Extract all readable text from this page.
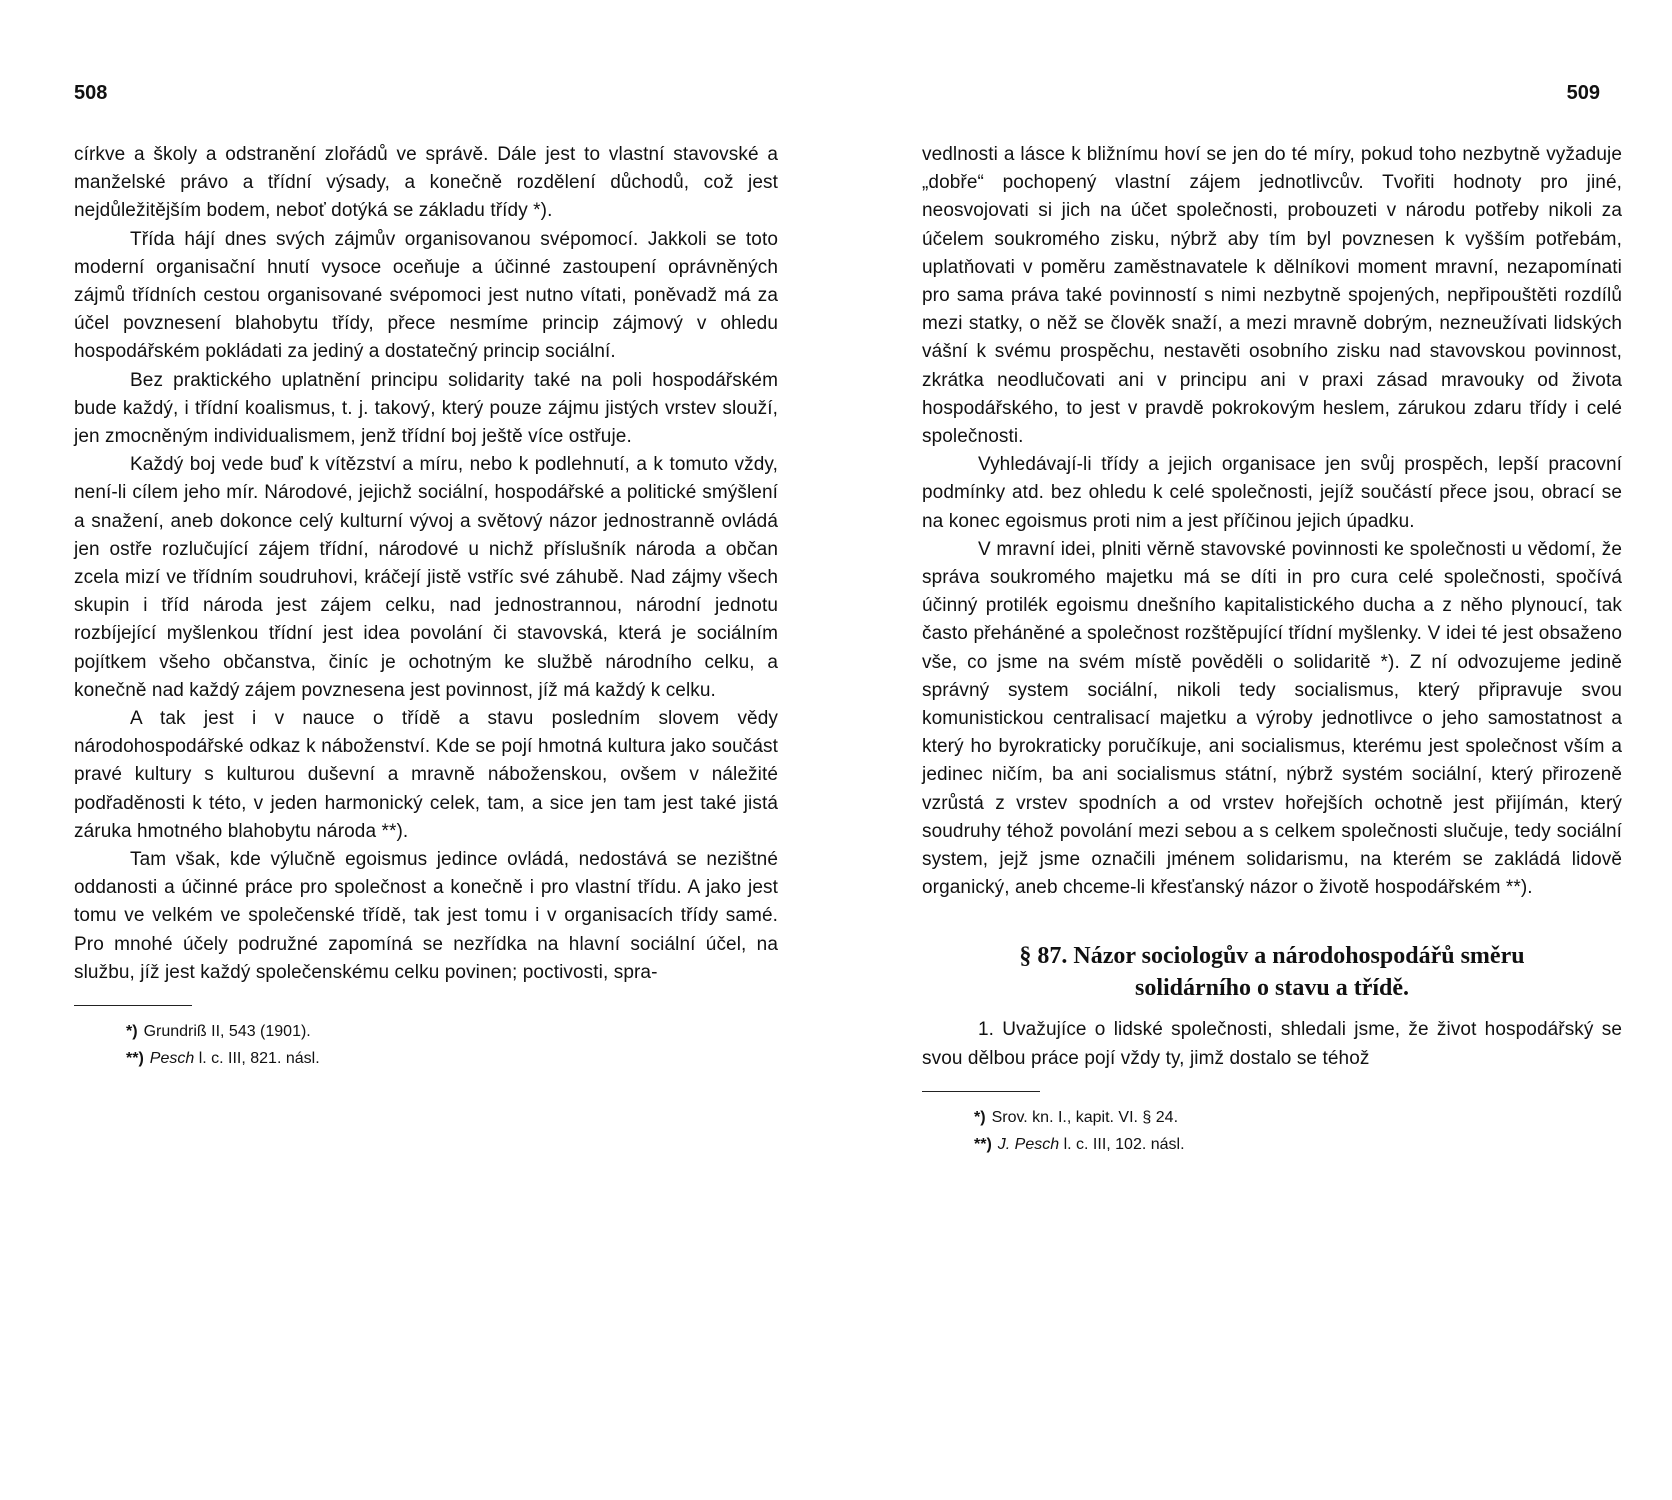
508

církve a školy a odstranění zlořádů ve správě. Dále jest to vlastní stavovské a manželské právo a třídní výsady, a konečně rozdělení důchodů, což jest nejdůležitějším bodem, neboť dotýká se základu třídy *).

Třída hájí dnes svých zájmův organisovanou svépomocí. Jakkoli se toto moderní organisační hnutí vysoce oceňuje a účinné zastoupení oprávněných zájmů třídních cestou organisované svépomoci jest nutno vítati, poněvadž má za účel povznesení blahobytu třídy, přece nesmíme princip zájmový v ohledu hospodářském pokládati za jediný a dostatečný princip sociální.

Bez praktického uplatnění principu solidarity také na poli hospodářském bude každý, i třídní koalismus, t. j. takový, který pouze zájmu jistých vrstev slouží, jen zmocněným individualismem, jenž třídní boj ještě více ostřuje.

Každý boj vede buď k vítězství a míru, nebo k podlehnutí, a k tomuto vždy, není-li cílem jeho mír. Národové, jejichž sociální, hospodářské a politické smýšlení a snažení, aneb dokonce celý kulturní vývoj a světový názor jednostranně ovládá jen ostře rozlučující zájem třídní, národové u nichž příslušník národa a občan zcela mizí ve třídním soudruhovi, kráčejí jistě vstříc své záhubě. Nad zájmy všech skupin i tříd národa jest zájem celku, nad jednostrannou, národní jednotu rozbíjející myšlenkou třídní jest idea povolání či stavovská, která je sociálním pojítkem všeho občanstva, činíc je ochotným ke službě národního celku, a konečně nad každý zájem povznesena jest povinnost, jíž má každý k celku.

A tak jest i v nauce o třídě a stavu posledním slovem vědy národohospodářské odkaz k náboženství. Kde se pojí hmotná kultura jako součást pravé kultury s kulturou duševní a mravně náboženskou, ovšem v náležité podřaděnosti k této, v jeden harmonický celek, tam, a sice jen tam jest také jistá záruka hmotného blahobytu národa **).

Tam však, kde výlučně egoismus jedince ovládá, nedostává se nezištné oddanosti a účinné práce pro společnost a konečně i pro vlastní třídu. A jako jest tomu ve velkém ve společenské třídě, tak jest tomu i v organisacích třídy samé. Pro mnohé účely podružné zapomíná se nezřídka na hlavní sociální účel, na službu, jíž jest každý společenskému celku povinen; poctivosti, spra-

*) Grundriß II, 543 (1901).
**) Pesch l. c. III, 821. násl.
509

vedlnosti a lásce k bližnímu hoví se jen do té míry, pokud toho nezbytně vyžaduje „dobře“ pochopený vlastní zájem jednotlivcův. Tvořiti hodnoty pro jiné, neosvojovati si jich na účet společnosti, probouzeti v národu potřeby nikoli za účelem soukromého zisku, nýbrž aby tím byl povznesen k vyšším potřebám, uplatňovati v poměru zaměstnavatele k dělníkovi moment mravní, nezapomínati pro sama práva také povinností s nimi nezbytně spojených, nepřipouštěti rozdílů mezi statky, o něž se člověk snaží, a mezi mravně dobrým, nezneužívati lidských vášní k svému prospěchu, nestavěti osobního zisku nad stavovskou povinnost, zkrátka neodlučovati ani v principu ani v praxi zásad mravouky od života hospodářského, to jest v pravdě pokrokovým heslem, zárukou zdaru třídy i celé společnosti.

Vyhledávají-li třídy a jejich organisace jen svůj prospěch, lepší pracovní podmínky atd. bez ohledu k celé společnosti, jejíž součástí přece jsou, obrací se na konec egoismus proti nim a jest příčinou jejich úpadku.

V mravní idei, plniti věrně stavovské povinnosti ke společnosti u vědomí, že správa soukromého majetku má se díti in pro cura celé společnosti, spočívá účinný protilék egoismu dnešního kapitalistického ducha a z něho plynoucí, tak často přeháněné a společnost rozštěpující třídní myšlenky. V idei té jest obsaženo vše, co jsme na svém místě pověděli o solidaritě *). Z ní odvozujeme jedině správný system sociální, nikoli tedy socialismus, který připravuje svou komunistickou centralisací majetku a výroby jednotlivce o jeho samostatnost a který ho byrokraticky poručíkuje, ani socialismus, kterému jest společnost vším a jedinec ničím, ba ani socialismus státní, nýbrž systém sociální, který přirozeně vzrůstá z vrstev spodních a od vrstev hořejších ochotně jest přijímán, který soudruhy téhož povolání mezi sebou a s celkem společnosti slučuje, tedy sociální system, jejž jsme označili jménem solidarismu, na kterém se zakládá lidově organický, aneb chceme-li křesťanský názor o životě hospodářském **).

§ 87. Názor sociologův a národohospodářů směru
solidárního o stavu a třídě.

1. Uvažujíce o lidské společnosti, shledali jsme, že život hospodářský se svou dělbou práce pojí vždy ty, jimž dostalo se téhož

*) Srov. kn. I., kapit. VI. § 24.
**) J. Pesch l. c. III, 102. násl.
